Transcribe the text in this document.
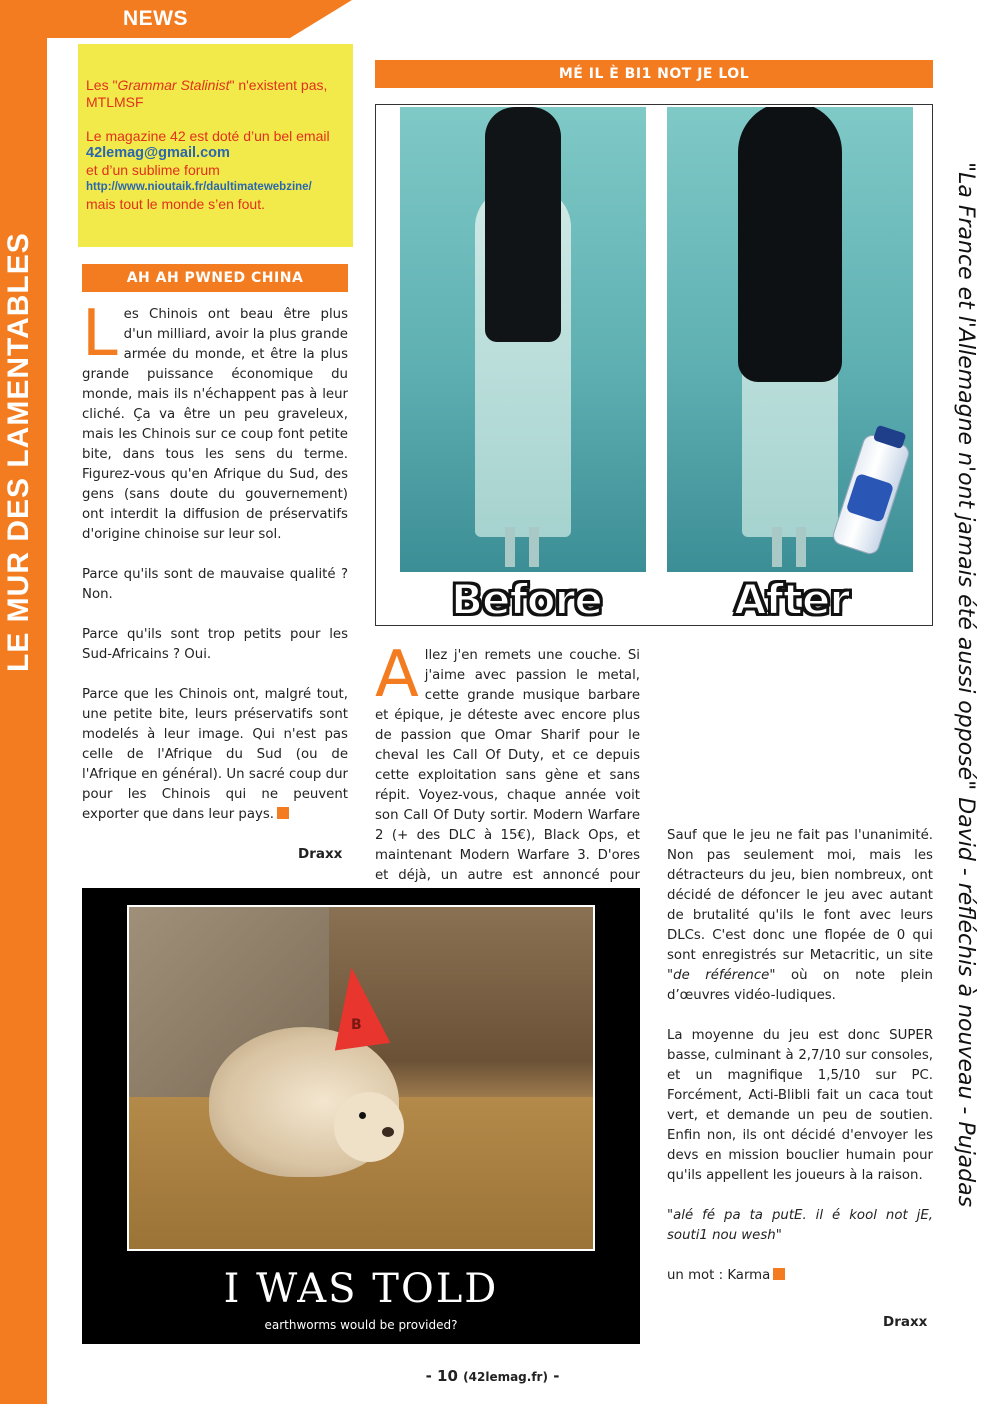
NEWS
LE MUR DES LAMENTABLES

Les "Grammar Stalinist" n'existent pas, MTLMSF

Le magazine 42 est doté d’un bel email
42lemag@gmail.com
et d’un sublime forum
http://www.nioutaik.fr/daultimatewebzine/
mais tout le monde s’en fout.
AH AH PWNED CHINA

Les Chinois ont beau être plus d'un milliard, avoir la plus grande armée du monde, et être la plus grande puissance économique du monde, mais ils n'échappent pas à leur cliché. Ça va être un peu graveleux, mais les Chinois sur ce coup font petite bite, dans tous les sens du terme. Figurez-vous qu'en Afrique du Sud, des gens (sans doute du gouvernement) ont interdit la diffusion de préservatifs d'origine chinoise sur leur sol.

Parce qu'ils sont de mauvaise qualité ? Non.

Parce qu'ils sont trop petits pour les Sud-Africains ? Oui.

Parce que les Chinois ont, malgré tout, une petite bite, leurs préservatifs sont modelés à leur image. Qui n'est pas celle de l'Afrique du Sud (ou de l'Afrique en général). Un sacré coup dur pour les Chinois qui ne peuvent exporter que dans leur pays.

Draxx
MÉ IL È BI1 NOT JE LOL
Before	After

Allez j'en remets une couche. Si j'aime avec passion le metal, cette grande musique barbare et épique, je déteste avec encore plus de passion que Omar Sharif pour le cheval les Call Of Duty, et ce depuis cette exploitation sans gène et sans répit. Voyez-vous, chaque année voit son Call Of Duty sortir. Modern Warfare 2 (+ des DLC à 15€), Black Ops, et maintenant Modern Warfare 3. D'ores et déjà, un autre est annoncé pour

Sauf que le jeu ne fait pas l'unanimité. Non pas seulement moi, mais les détracteurs du jeu, bien nombreux, ont décidé de défoncer le jeu avec autant de brutalité qu'ils le font avec leurs DLCs. C'est donc une flopée de 0 qui sont enregistrés sur Metacritic, un site "de référence" où on note plein d’œuvres vidéo-ludiques.

La moyenne du jeu est donc SUPER basse, culminant à 2,7/10 sur consoles, et un magnifique 1,5/10 sur PC. Forcément, Acti-Blibli fait un caca tout vert, et demande un peu de soutien. Enfin non, ils ont décidé d'envoyer les devs en mission bouclier humain pour qu'ils appellent les joueurs à la raison.

"alé fé pa ta putE. il é kool not jE, souti1 nou wesh"

un mot : Karma

Draxx
B
I WAS TOLD
earthworms would be provided?
"La France et l'Allemagne n'ont jamais été aussi opposé" David - réfléchis à nouveau - Pujadas
- 10 (42lemag.fr) -
